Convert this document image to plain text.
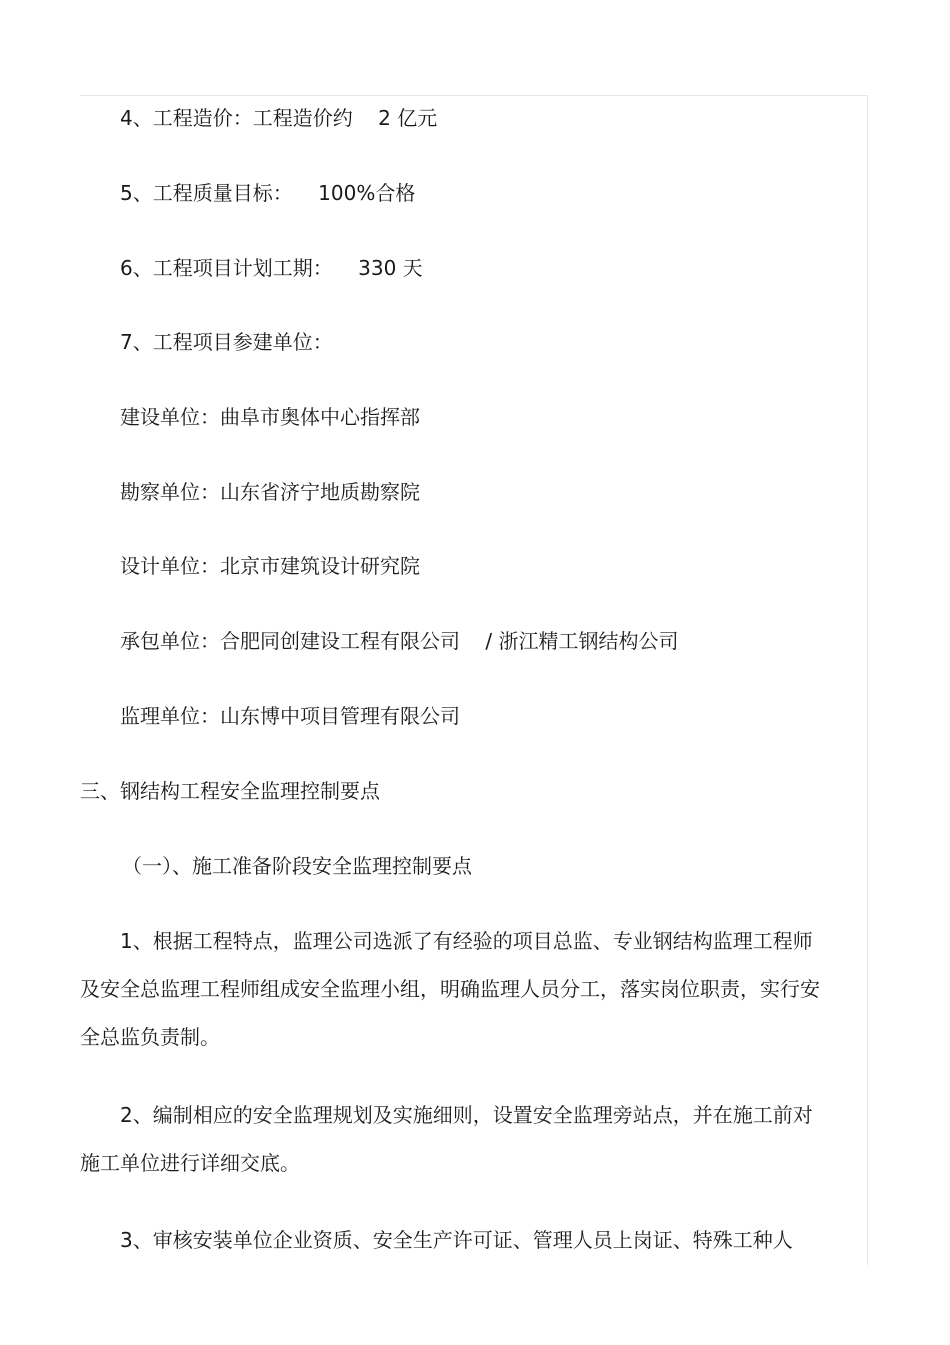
4、工程造价：工程造价约    2 亿元
5、工程质量目标：    100%合格
6、工程项目计划工期：    330 天
7、工程项目参建单位：
建设单位：曲阜市奥体中心指挥部
勘察单位：山东省济宁地质勘察院
设计单位：北京市建筑设计研究院
承包单位：合肥同创建设工程有限公司    / 浙江精工钢结构公司
监理单位：山东博中项目管理有限公司
三、钢结构工程安全监理控制要点
（一）、施工准备阶段安全监理控制要点

1、根据工程特点，监理公司选派了有经验的项目总监、专业钢结构监理工程师及安全总监理工程师组成安全监理小组，明确监理人员分工，落实岗位职责，实行安全总监负责制。

2、编制相应的安全监理规划及实施细则，设置安全监理旁站点，并在施工前对施工单位进行详细交底。

3、审核安装单位企业资质、安全生产许可证、管理人员上岗证、特殊工种人
